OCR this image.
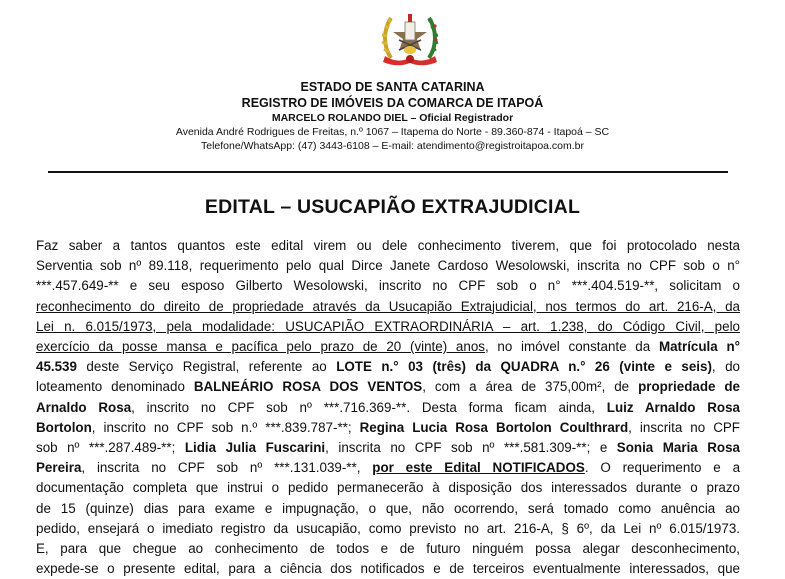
ESTADO DE SANTA CATARINA

REGISTRO DE IMÓVEIS DA COMARCA DE ITAPOÁ

MARCELO ROLANDO DIEL – Oficial Registrador

Avenida André Rodrigues de Freitas, n.º 1067 – Itapema do Norte - 89.360-874 - Itapoá – SC

Telefone/WhatsApp: (47) 3443-6108 – E-mail: atendimento@registroitapoa.com.br

EDITAL – USUCAPIÃO EXTRAJUDICIAL

Faz saber a tantos quantos este edital virem ou dele conhecimento tiverem, que foi protocolado nesta
Serventia sob nº 89.118, requerimento pelo qual Dirce Janete Cardoso Wesolowski, inscrita no CPF sob o n°
***.457.649-** e seu esposo Gilberto Wesolowski, inscrito no CPF sob o n° ***.404.519-**, solicitam o
reconhecimento do direito de propriedade através da Usucapião Extrajudicial, nos termos do art. 216-A, da
Lei n. 6.015/1973, pela modalidade: USUCAPIÃO EXTRAORDINÁRIA – art. 1.238, do Código Civil, pelo
exercício da posse mansa e pacífica pelo prazo de 20 (vinte) anos, no imóvel constante da Matrícula n°
45.539 deste Serviço Registral, referente ao LOTE n.° 03 (três) da QUADRA n.° 26 (vinte e seis), do
loteamento denominado BALNEÁRIO ROSA DOS VENTOS, com a área de 375,00m², de propriedade de
Arnaldo Rosa, inscrito no CPF sob nº ***.716.369-**. Desta forma ficam ainda, Luiz Arnaldo Rosa
Bortolon, inscrito no CPF sob n.º ***.839.787-**; Regina Lucia Rosa Bortolon Coulthrard, inscrita no CPF
sob nº ***.287.489-**; Lidia Julia Fuscarini, inscrita no CPF sob nº ***.581.309-**; e Sonia Maria Rosa
Pereira, inscrita no CPF sob nº ***.131.039-**, por este Edital NOTIFICADOS. O requerimento e a
documentação completa que instrui o pedido permanecerão à disposição dos interessados durante o prazo
de 15 (quinze) dias para exame e impugnação, o que, não ocorrendo, será tomado como anuência ao
pedido, ensejará o imediato registro da usucapião, como previsto no art. 216-A, § 6º, da Lei nº 6.015/1973.
E, para que chegue ao conhecimento de todos e de futuro ninguém possa alegar desconhecimento,
expede-se o presente edital, para a ciência dos notificados e de terceiros eventualmente interessados, que
